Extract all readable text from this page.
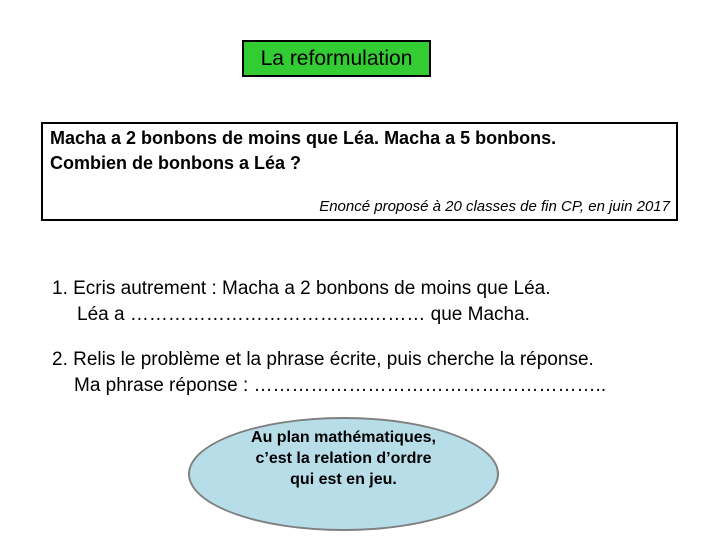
La reformulation
Macha a 2 bonbons de moins que Léa. Macha a 5 bonbons.
Combien de bonbons a Léa ?
Enoncé proposé à 20 classes de fin CP, en juin 2017
1. Ecris autrement : Macha a 2 bonbons de moins que Léa.
Léa a ………………………………..……… que Macha.
2. Relis le problème et la phrase écrite, puis cherche la réponse.
Ma phrase réponse : ………………………………………………..
Au plan mathématiques,
c’est la relation d’ordre
qui est en jeu.
